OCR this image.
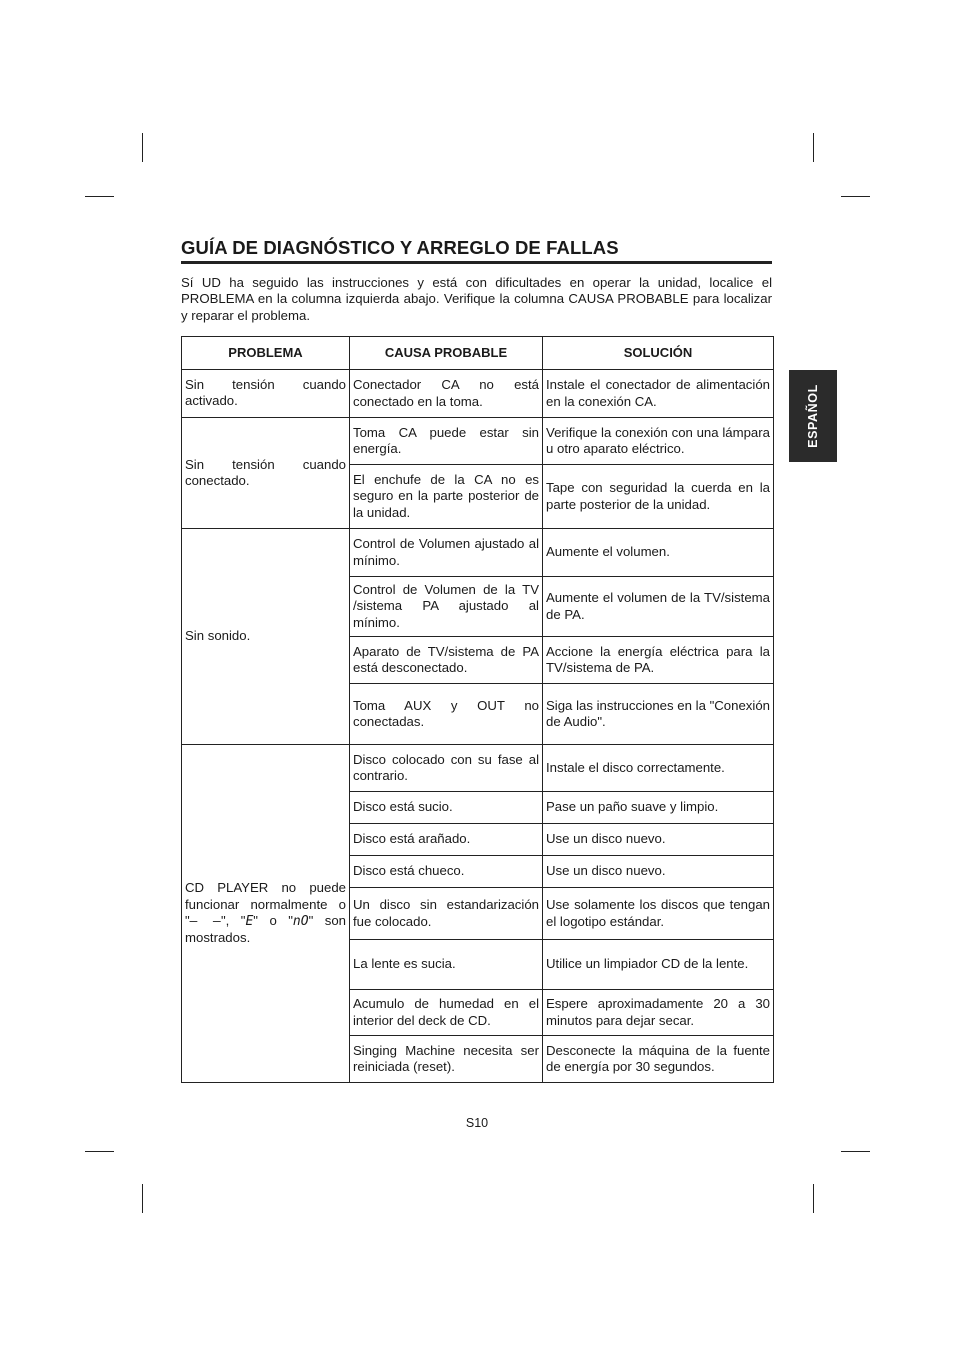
GUÍA DE DIAGNÓSTICO Y ARREGLO DE FALLAS
Sí UD ha seguido las instrucciones y está con dificultades en operar la unidad, localice el PROBLEMA en la columna izquierda abajo. Verifique la columna CAUSA PROBABLE para localizar y reparar el problema.
ESPAÑOL
PROBLEMA	CAUSA PROBABLE	SOLUCIÓN
Sin tensión cuando activado.	Conectador CA no está conectado en la toma.	Instale el conectador de alimentación en la conexión CA.
Sin tensión cuando conectado.	Toma CA puede estar sin energía.	Verifique la conexión con una lámpara u otro aparato eléctrico.
	El enchufe de la CA no es seguro en la parte posterior de la unidad.	Tape con seguridad la cuerda en la parte posterior de la unidad.
Sin sonido.	Control de Volumen ajustado al mínimo.	Aumente el volumen.
	Control de Volumen de la TV /sistema PA ajustado al mínimo.	Aumente el volumen de la TV/sistema de PA.
	Aparato de TV/sistema de PA está desconectado.	Accione la energía eléctrica para la TV/sistema de PA.
	Toma AUX y OUT no conectadas.	Siga las instrucciones en la "Conexión de Audio".
CD PLAYER no puede funcionar normalmente o "– –", "E" o "nO" son mostrados.	Disco colocado con su fase al contrario.	Instale el disco correctamente.
	Disco está sucio.	Pase un paño suave y limpio.
	Disco está arañado.	Use un disco nuevo.
	Disco está chueco.	Use un disco nuevo.
	Un disco sin estandarización fue colocado.	Use solamente los discos que tengan el logotipo estándar.
	La lente es sucia.	Utilice un limpiador CD de la lente.
	Acumulo de humedad en el interior del deck de CD.	Espere aproximadamente 20 a 30 minutos para dejar secar.
	Singing Machine necesita ser reiniciada (reset).	Desconecte la máquina de la fuente de energía por 30 segundos.
S10
